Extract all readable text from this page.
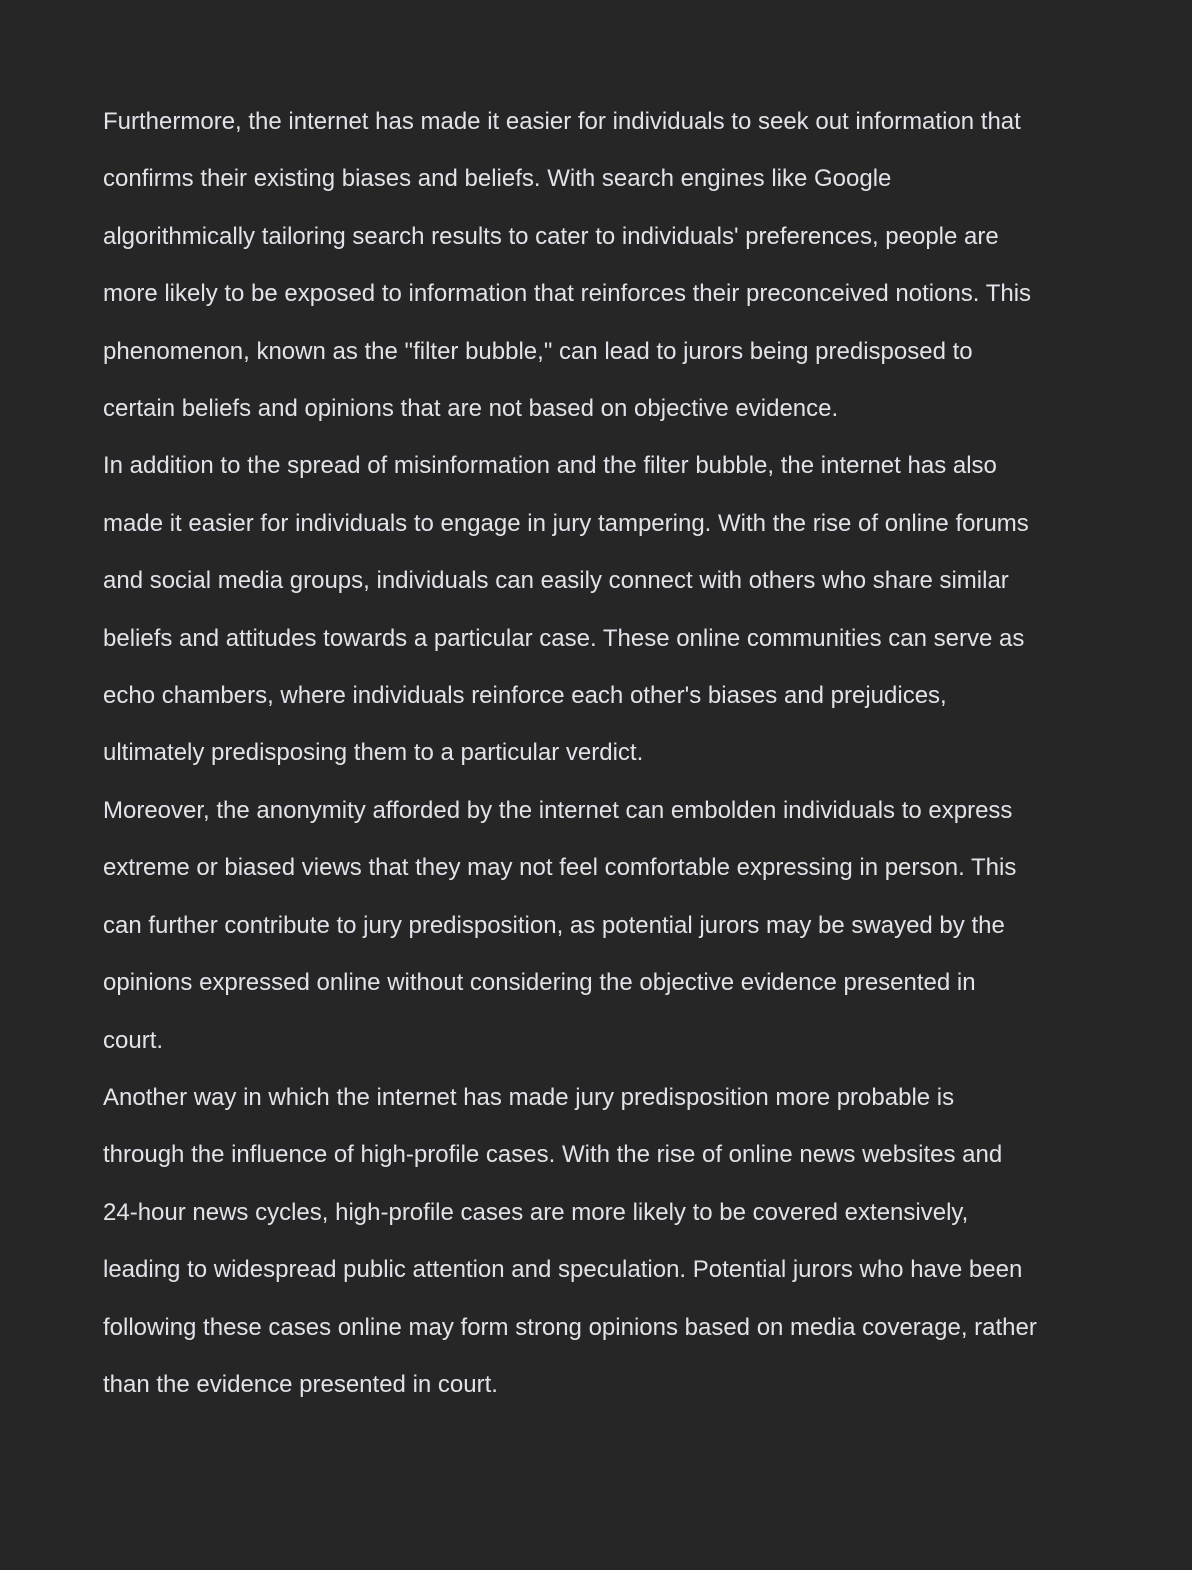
Furthermore, the internet has made it easier for individuals to seek out information that
confirms their existing biases and beliefs. With search engines like Google
algorithmically tailoring search results to cater to individuals' preferences, people are
more likely to be exposed to information that reinforces their preconceived notions. This
phenomenon, known as the "filter bubble," can lead to jurors being predisposed to
certain beliefs and opinions that are not based on objective evidence.

In addition to the spread of misinformation and the filter bubble, the internet has also
made it easier for individuals to engage in jury tampering. With the rise of online forums
and social media groups, individuals can easily connect with others who share similar
beliefs and attitudes towards a particular case. These online communities can serve as
echo chambers, where individuals reinforce each other's biases and prejudices,
ultimately predisposing them to a particular verdict.

Moreover, the anonymity afforded by the internet can embolden individuals to express
extreme or biased views that they may not feel comfortable expressing in person. This
can further contribute to jury predisposition, as potential jurors may be swayed by the
opinions expressed online without considering the objective evidence presented in
court.

Another way in which the internet has made jury predisposition more probable is
through the influence of high-profile cases. With the rise of online news websites and
24-hour news cycles, high-profile cases are more likely to be covered extensively,
leading to widespread public attention and speculation. Potential jurors who have been
following these cases online may form strong opinions based on media coverage, rather
than the evidence presented in court.
